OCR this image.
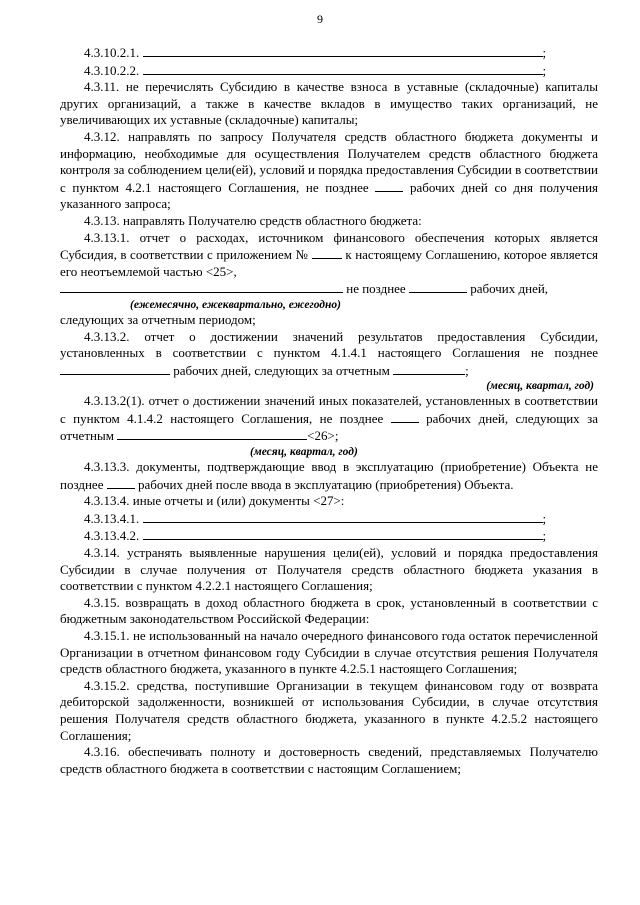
9

4.3.10.2.1.	;

4.3.10.2.2.	;

4.3.11. не перечислять Субсидию в качестве взноса в уставные (складочные) капиталы других организаций, а также в качестве вкладов в имущество таких организаций, не увеличивающих их уставные (складочные) капиталы;

4.3.12. направлять по запросу Получателя средств областного бюджета документы и информацию, необходимые для осуществления Получателем средств областного бюджета контроля за соблюдением цели(ей), условий и порядка предоставления Субсидии в соответствии с пунктом 4.2.1 настоящего Соглашения, не позднее	рабочих дней со дня получения указанного запроса;

4.3.13. направлять Получателю средств областного бюджета:

4.3.13.1. отчет о расходах, источником финансового обеспечения которых является Субсидия, в соответствии с приложением №	к настоящему Соглашению, которое является его неотъемлемой частью <25>,

не позднее	рабочих дней,
(ежемесячно, ежеквартально, ежегодно)
следующих за отчетным периодом;

4.3.13.2. отчет о достижении значений результатов предоставления Субсидии, установленных в соответствии с пунктом 4.1.4.1 настоящего Соглашения не позднее  рабочих дней, следующих за отчетным	;

(месяц, квартал, год)

4.3.13.2(1). отчет о достижении значений иных показателей, установленных в соответствии с пунктом 4.1.4.2 настоящего Соглашения, не позднее	рабочих дней, следующих за отчетным	<26>;

(месяц, квартал, год)

4.3.13.3. документы, подтверждающие ввод в эксплуатацию (приобретение) Объекта не позднее	рабочих дней после ввода в эксплуатацию (приобретения) Объекта.

4.3.13.4. иные отчеты и (или) документы <27>:

4.3.13.4.1.	;

4.3.13.4.2.	;

4.3.14. устранять выявленные нарушения цели(ей), условий и порядка предоставления Субсидии в случае получения от Получателя средств областного бюджета указания в соответствии с пунктом 4.2.2.1 настоящего Соглашения;

4.3.15. возвращать в доход областного бюджета в срок, установленный в соответствии с бюджетным законодательством Российской Федерации:

4.3.15.1. не использованный на начало очередного финансового года остаток перечисленной Организации в отчетном финансовом году Субсидии в случае отсутствия решения Получателя средств областного бюджета, указанного в пункте 4.2.5.1 настоящего Соглашения;

4.3.15.2. средства, поступившие Организации в текущем финансовом году от возврата дебиторской задолженности, возникшей от использования Субсидии, в случае отсутствия решения Получателя средств областного бюджета, указанного в пункте 4.2.5.2 настоящего Соглашения;

4.3.16. обеспечивать полноту и достоверность сведений, представляемых Получателю средств областного бюджета в соответствии с настоящим Соглашением;
